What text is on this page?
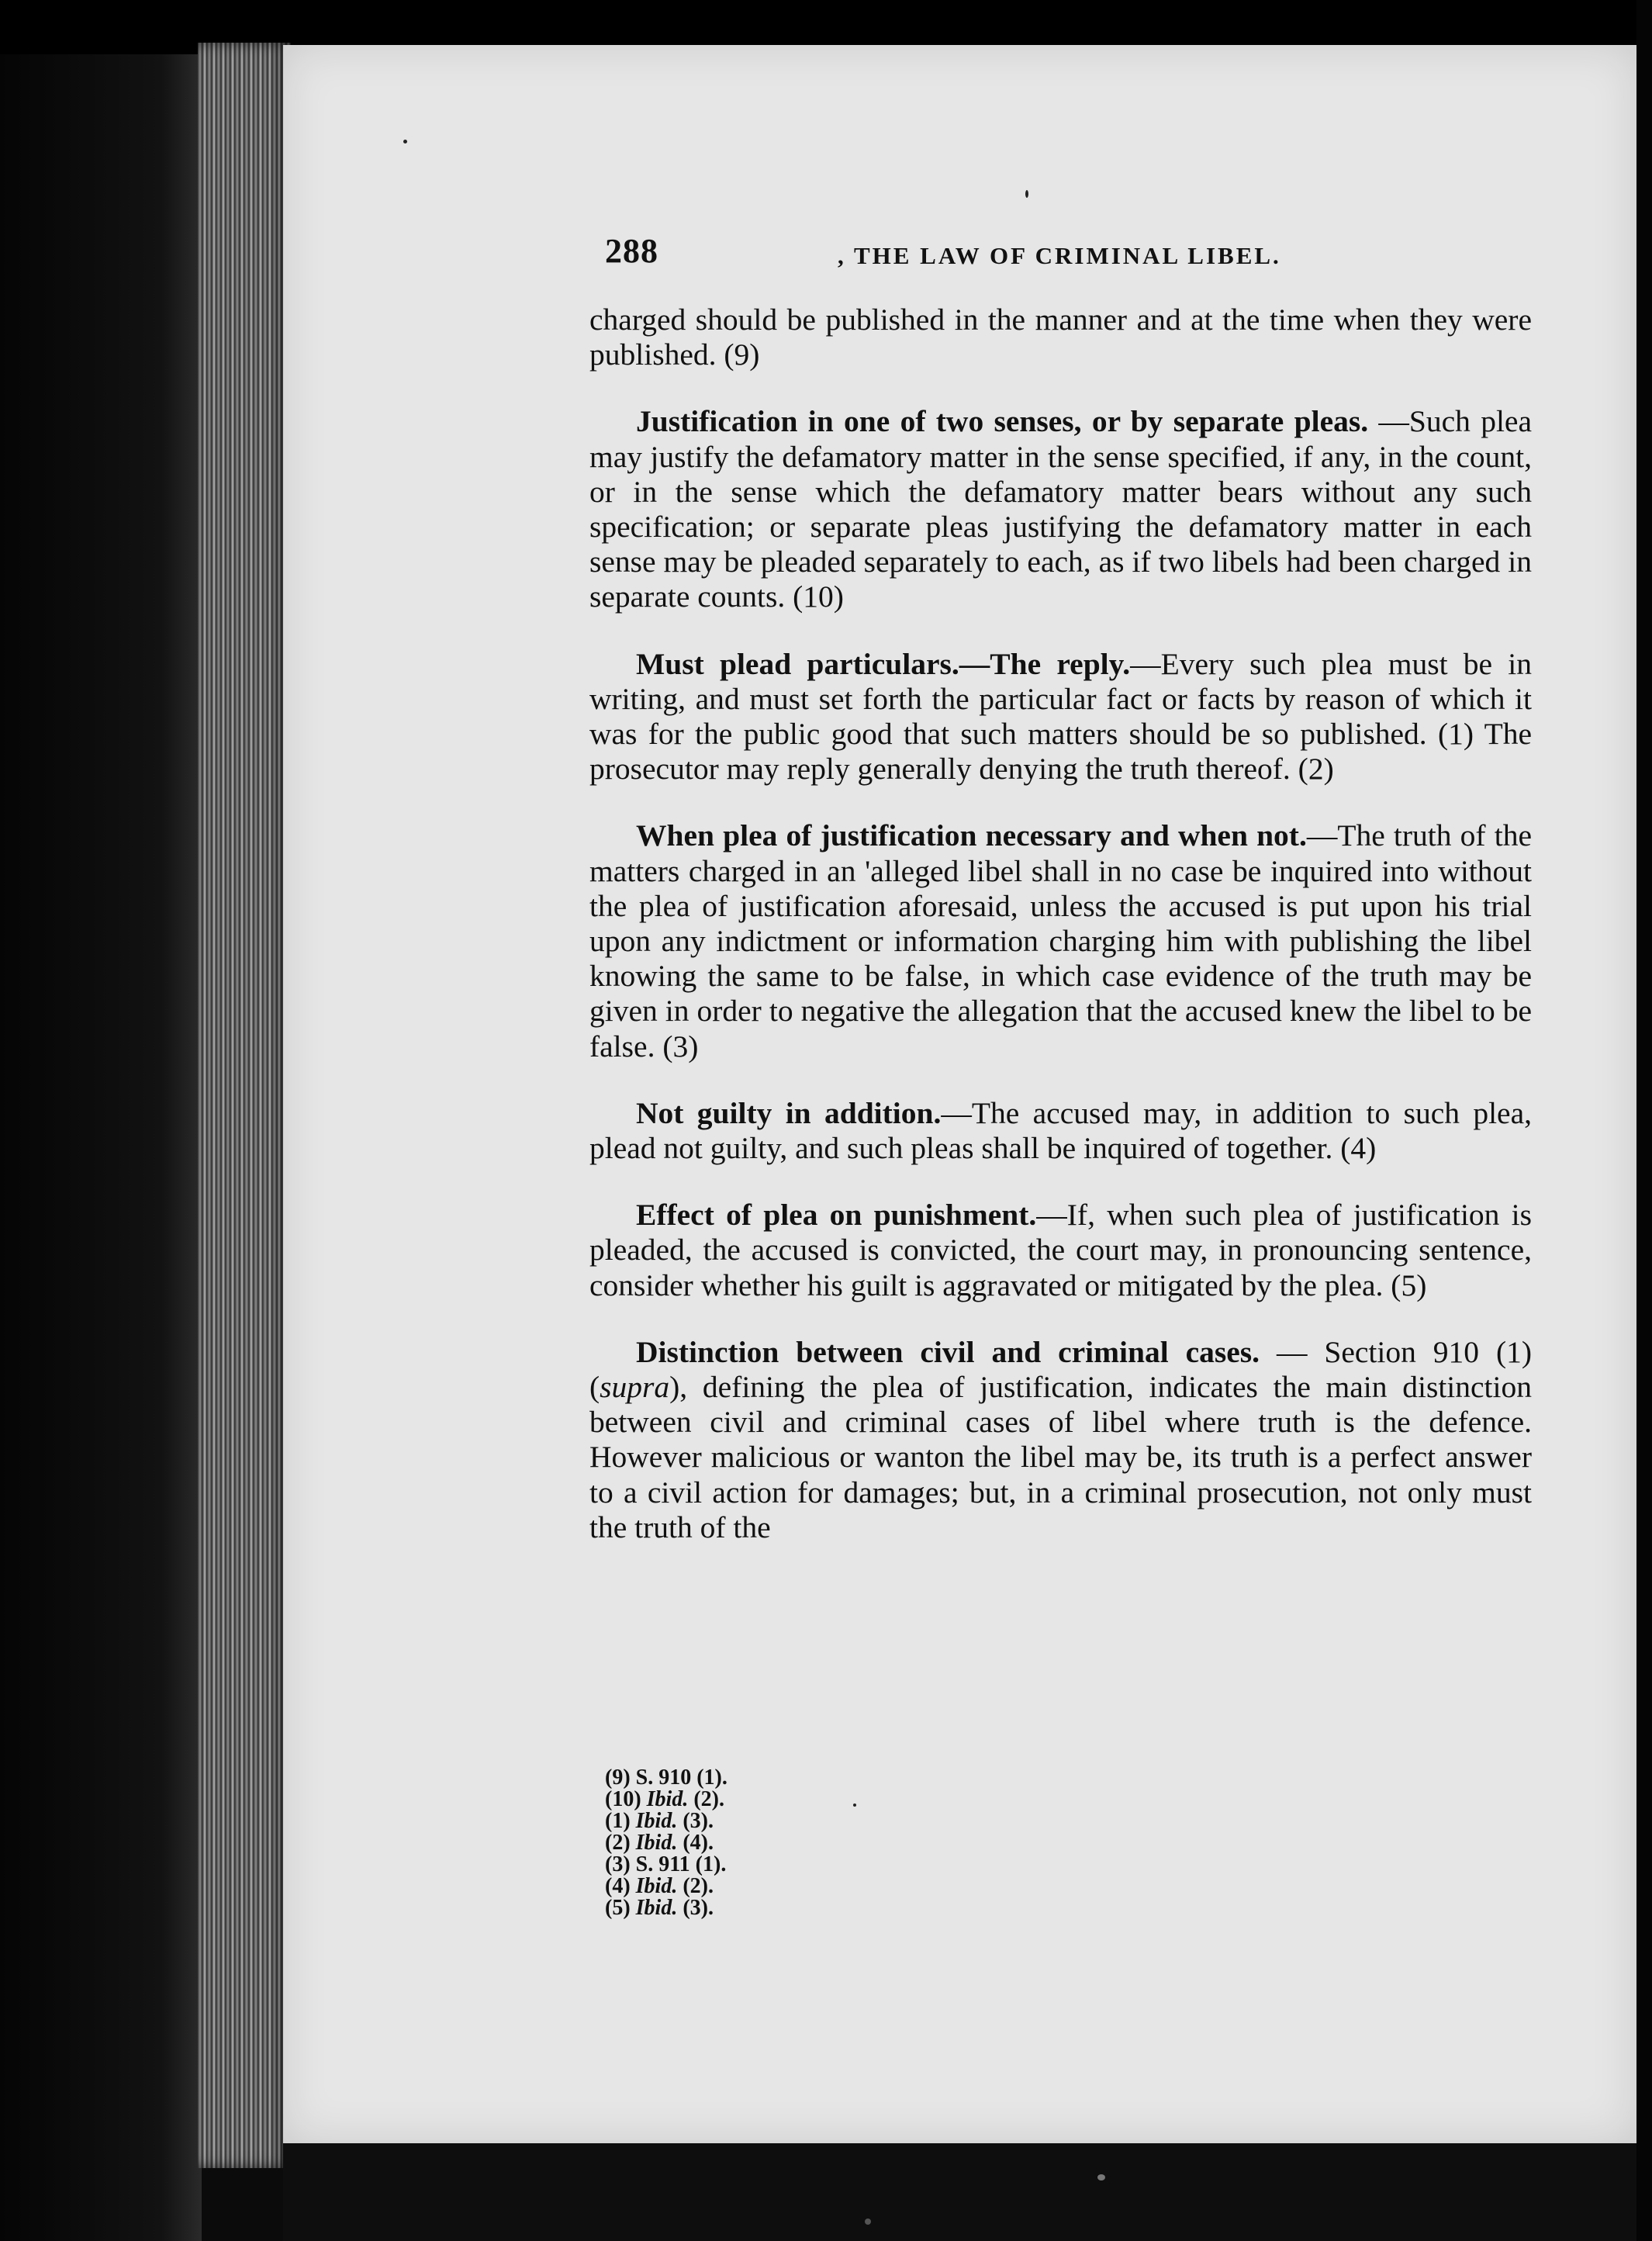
288	, THE LAW OF CRIMINAL LIBEL.

charged should be published in the manner and at the time when they were published. (9)

Justification in one of two senses, or by separate pleas. —Such plea may justify the defamatory matter in the sense specified, if any, in the count, or in the sense which the defamatory matter bears without any such specification; or separate pleas justifying the defamatory matter in each sense may be pleaded separately to each, as if two libels had been charged in separate counts. (10)

Must plead particulars.—The reply.—Every such plea must be in writing, and must set forth the particular fact or facts by reason of which it was for the public good that such matters should be so published. (1) The prosecutor may reply generally denying the truth thereof. (2)

When plea of justification necessary and when not.—The truth of the matters charged in an 'alleged libel shall in no case be inquired into without the plea of justification aforesaid, unless the accused is put upon his trial upon any indictment or information charging him with publishing the libel knowing the same to be false, in which case evidence of the truth may be given in order to negative the allegation that the accused knew the libel to be false. (3)

Not guilty in addition.—The accused may, in addition to such plea, plead not guilty, and such pleas shall be inquired of together. (4)

Effect of plea on punishment.—If, when such plea of justification is pleaded, the accused is convicted, the court may, in pronouncing sentence, consider whether his guilt is aggravated or mitigated by the plea. (5)

Distinction between civil and criminal cases. — Section 910 (1) (supra), defining the plea of justification, indicates the main distinction between civil and criminal cases of libel where truth is the defence. However malicious or wanton the libel may be, its truth is a perfect answer to a civil action for damages; but, in a criminal prosecution, not only must the truth of the

(9) S. 910 (1).
(10) Ibid. (2).
(1) Ibid. (3).
(2) Ibid. (4).
(3) S. 911 (1).
(4) Ibid. (2).
(5) Ibid. (3).
